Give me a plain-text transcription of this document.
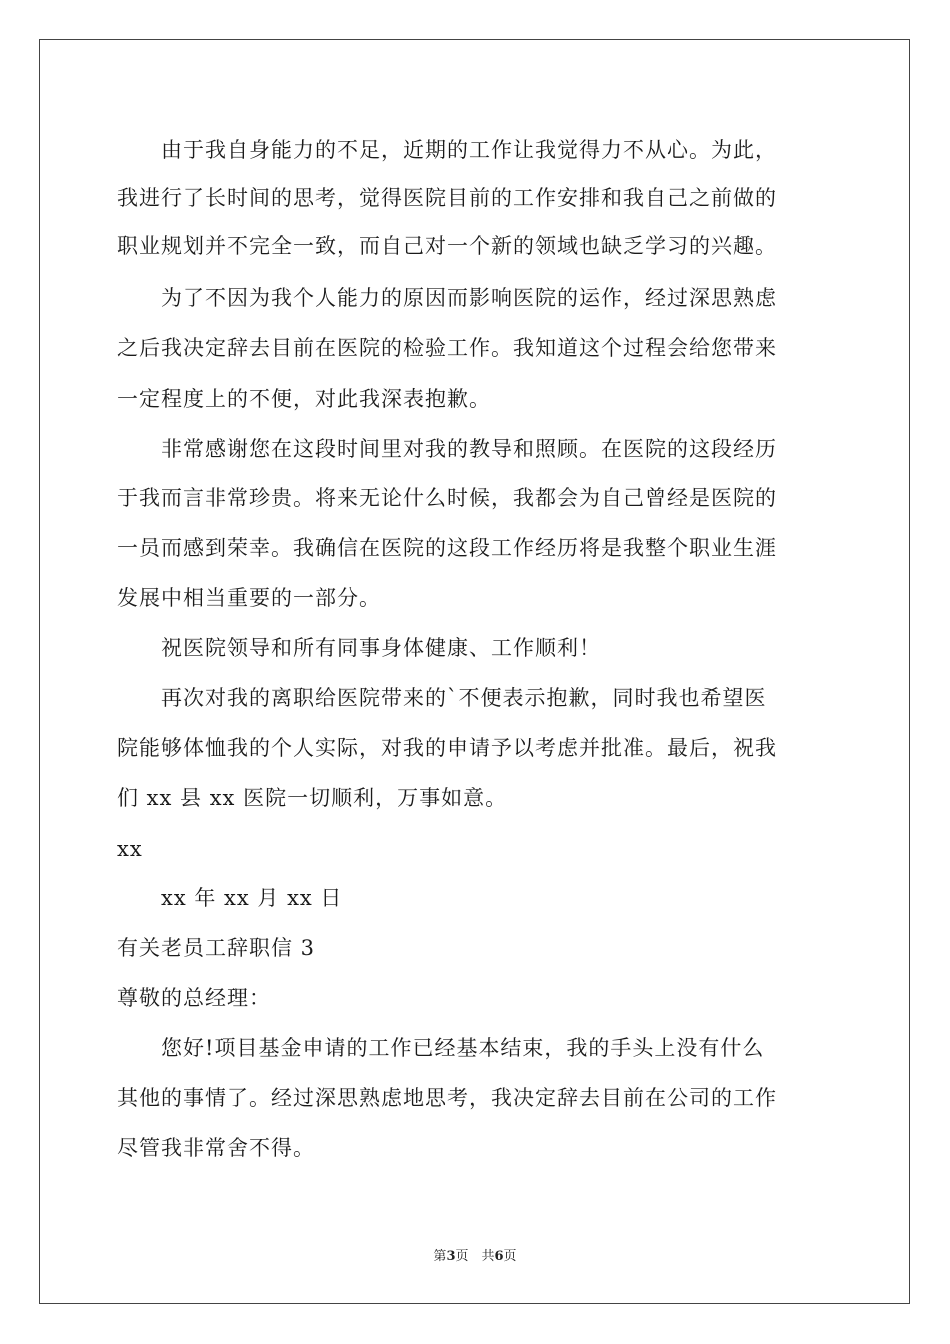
　　由于我自身能力的不足，近期的工作让我觉得力不从心。为此，
我进行了长时间的思考，觉得医院目前的工作安排和我自己之前做的
职业规划并不完全一致，而自己对一个新的领域也缺乏学习的兴趣。
　　为了不因为我个人能力的原因而影响医院的运作，经过深思熟虑
之后我决定辞去目前在医院的检验工作。我知道这个过程会给您带来
一定程度上的不便，对此我深表抱歉。
　　非常感谢您在这段时间里对我的教导和照顾。在医院的这段经历
于我而言非常珍贵。将来无论什么时候，我都会为自己曾经是医院的
一员而感到荣幸。我确信在医院的这段工作经历将是我整个职业生涯
发展中相当重要的一部分。
　　祝医院领导和所有同事身体健康、工作顺利！
　　再次对我的离职给医院带来的`不便表示抱歉，同时我也希望医
院能够体恤我的个人实际，对我的申请予以考虑并批准。最后，祝我
们 xx 县 xx 医院一切顺利，万事如意。
xx
　　xx 年 xx 月 xx 日
有关老员工辞职信 3
尊敬的总经理：
　　您好!项目基金申请的工作已经基本结束，我的手头上没有什么
其他的事情了。经过深思熟虑地思考，我决定辞去目前在公司的工作
尽管我非常舍不得。
第3页　共6页
